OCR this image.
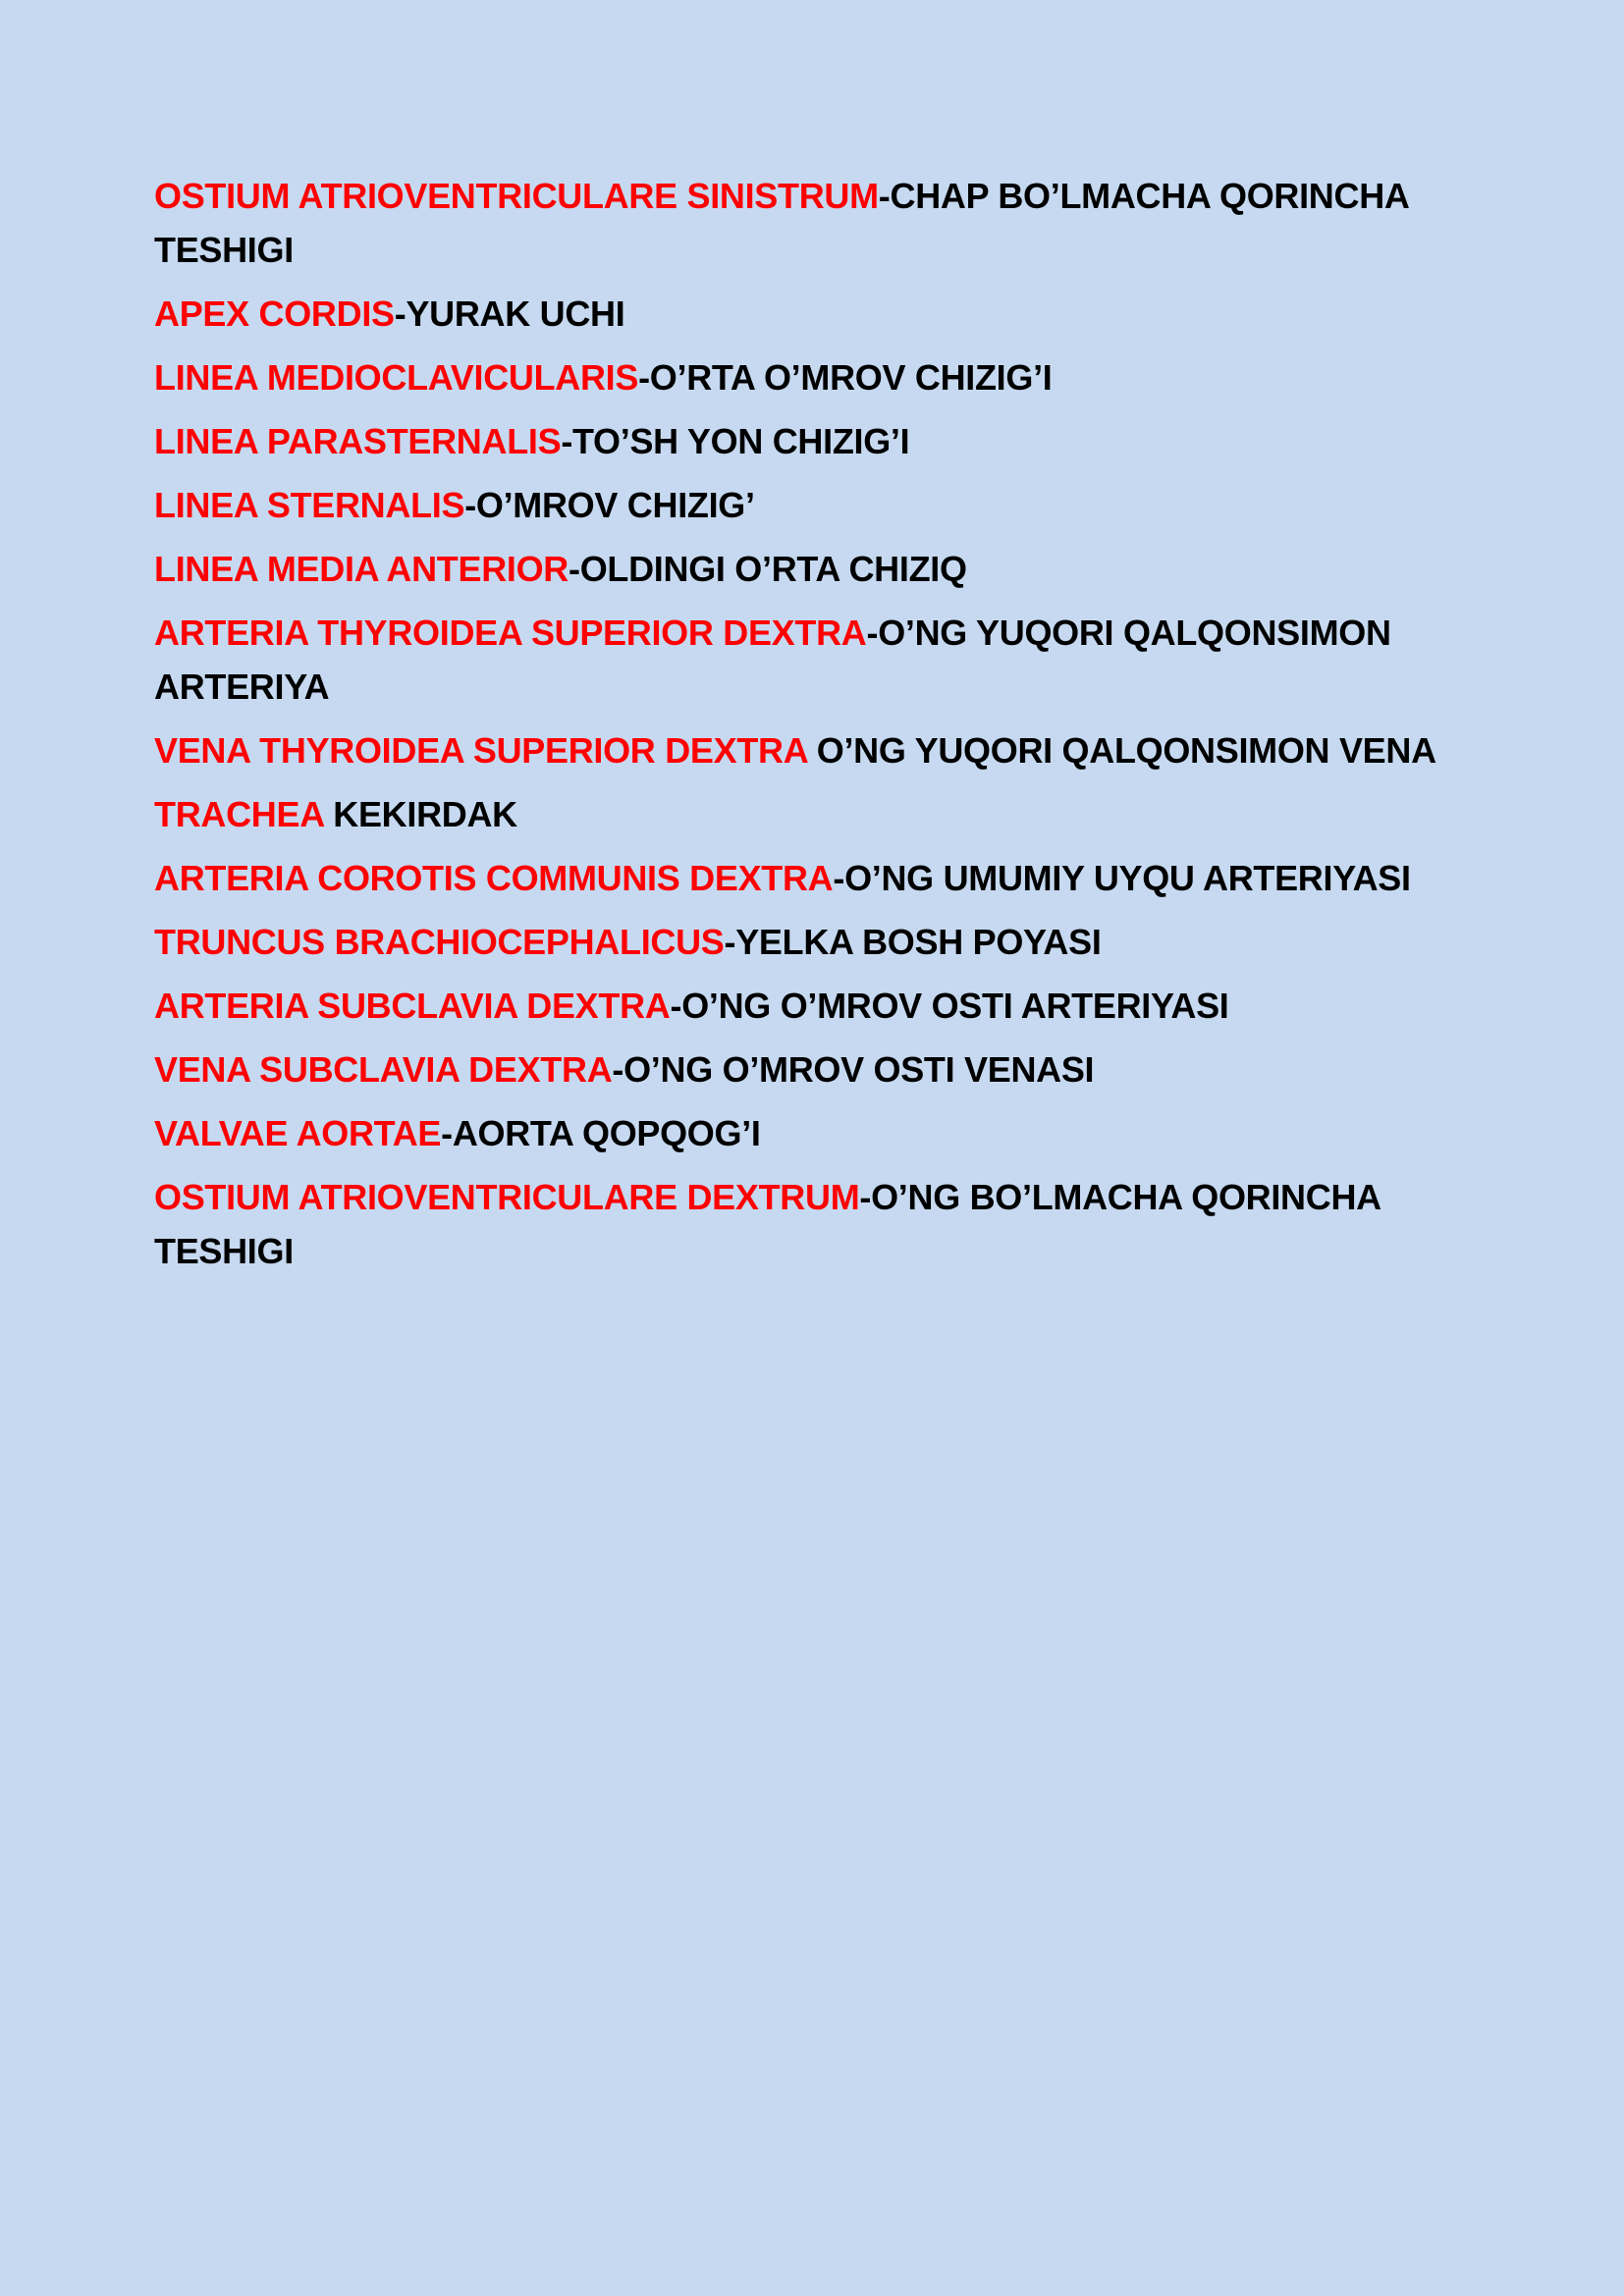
OSTIUM ATRIOVENTRICULARE SINISTRUM-CHAP BO’LMACHA QORINCHA TESHIGI
APEX CORDIS-YURAK UCHI
LINEA MEDIOCLAVICULARIS-O’RTA O’MROV CHIZIG’I
LINEA PARASTERNALIS-TO’SH YON CHIZIG’I
LINEA STERNALIS-O’MROV CHIZIG’
LINEA MEDIA ANTERIOR-OLDINGI O’RTA CHIZIQ
ARTERIA THYROIDEA SUPERIOR DEXTRA-O’NG YUQORI QALQONSIMON ARTERIYA
VENA THYROIDEA SUPERIOR DEXTRA O’NG YUQORI QALQONSIMON VENA
TRACHEA KEKIRDAK
ARTERIA COROTIS COMMUNIS DEXTRA-O’NG UMUMIY UYQU ARTERIYASI
TRUNCUS BRACHIOCEPHALICUS-YELKA BOSH POYASI
ARTERIA SUBCLAVIA DEXTRA-O’NG O’MROV OSTI ARTERIYASI
VENA SUBCLAVIA DEXTRA-O’NG O’MROV OSTI VENASI
VALVAE AORTAE-AORTA QOPQOG’I
OSTIUM ATRIOVENTRICULARE DEXTRUM-O’NG BO’LMACHA QORINCHA TESHIGI
